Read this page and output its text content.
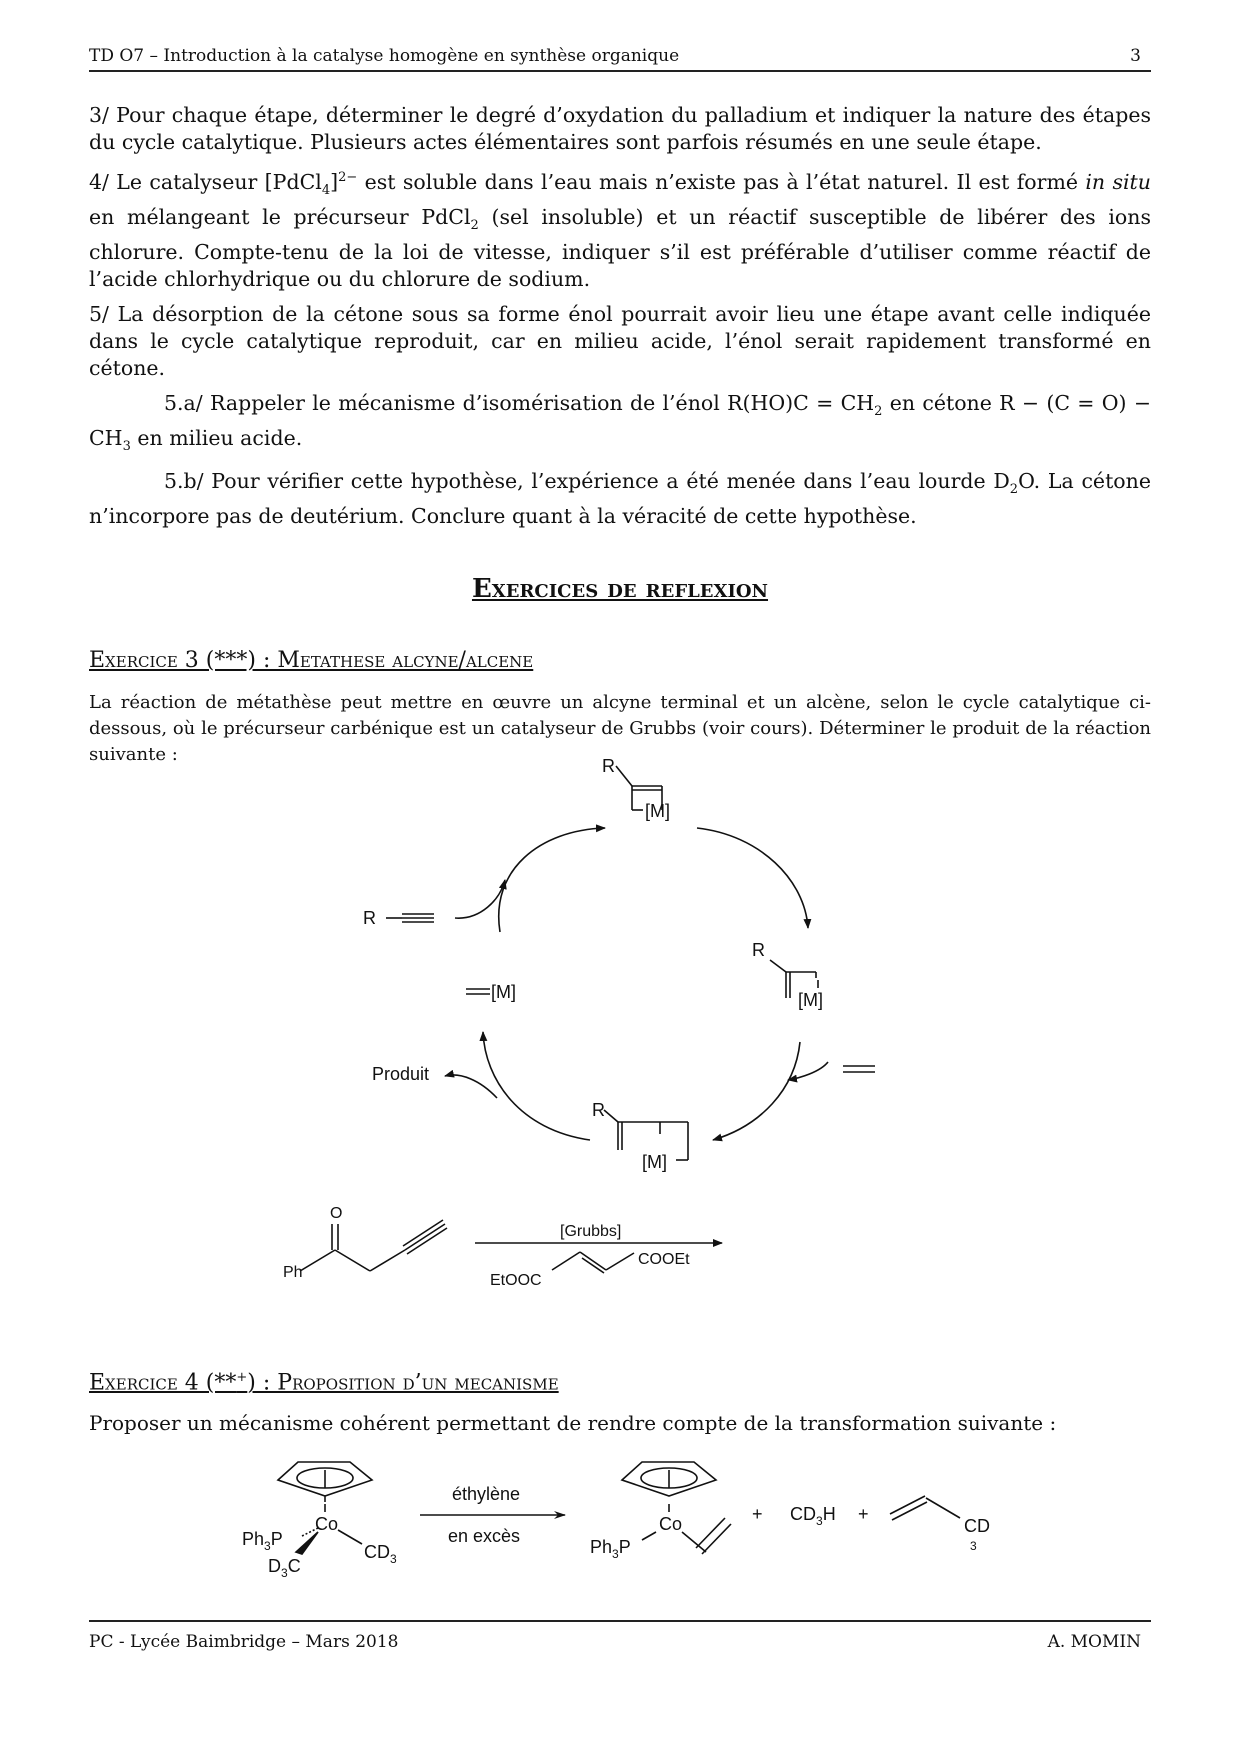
TD O7 – Introduction à la catalyse homogène en synthèse organique	3

3/ Pour chaque étape, déterminer le degré d’oxydation du palladium et indiquer la nature des étapes du cycle catalytique. Plusieurs actes élémentaires sont parfois résumés en une seule étape.

4/ Le catalyseur [PdCl$_4$]$^{2-}$ est soluble dans l’eau mais n’existe pas à l’état naturel. Il est formé in situ en mélangeant le précurseur PdCl$_2$ (sel insoluble) et un réactif susceptible de libérer des ions chlorure. Compte-tenu de la loi de vitesse, indiquer s’il est préférable d’utiliser comme réactif de l’acide chlorhydrique ou du chlorure de sodium.

5/ La désorption de la cétone sous sa forme énol pourrait avoir lieu une étape avant celle indiquée dans le cycle catalytique reproduit, car en milieu acide, l’énol serait rapidement transformé en cétone.

5.a/ Rappeler le mécanisme d’isomérisation de l’énol $R(HO)C = CH_2$ en cétone $R - (C = O) - CH_3$ en milieu acide.

5.b/ Pour vérifier cette hypothèse, l’expérience a été menée dans l’eau lourde $D_2O$. La cétone n’incorpore pas de deutérium. Conclure quant à la véracité de cette hypothèse.

Exercices de reflexion
Exercice 3 (***) : Metathese alcyne/alcene

La réaction de métathèse peut mettre en œuvre un alcyne terminal et un alcène, selon le cycle catalytique ci-dessous, où le précurseur carbénique est un catalyseur de Grubbs (voir cours). Déterminer le produit de la réaction suivante :

R
[M]
R
[M]
R
[M]
R
[M]
Produit
O
Ph
[Grubbs]
EtOOC
COOEt
Exercice 4 (**+) : Proposition d’un mecanisme

Proposer un mécanisme cohérent permettant de rendre compte de la transformation suivante :

Co
$Ph_3P$
$D_3C$
$CD_3$
éthylène
en excès
Co
$Ph_3P$
+ $CD_3H$ +
CD
3
PC - Lycée Baimbridge – Mars 2018	A. MOMIN
